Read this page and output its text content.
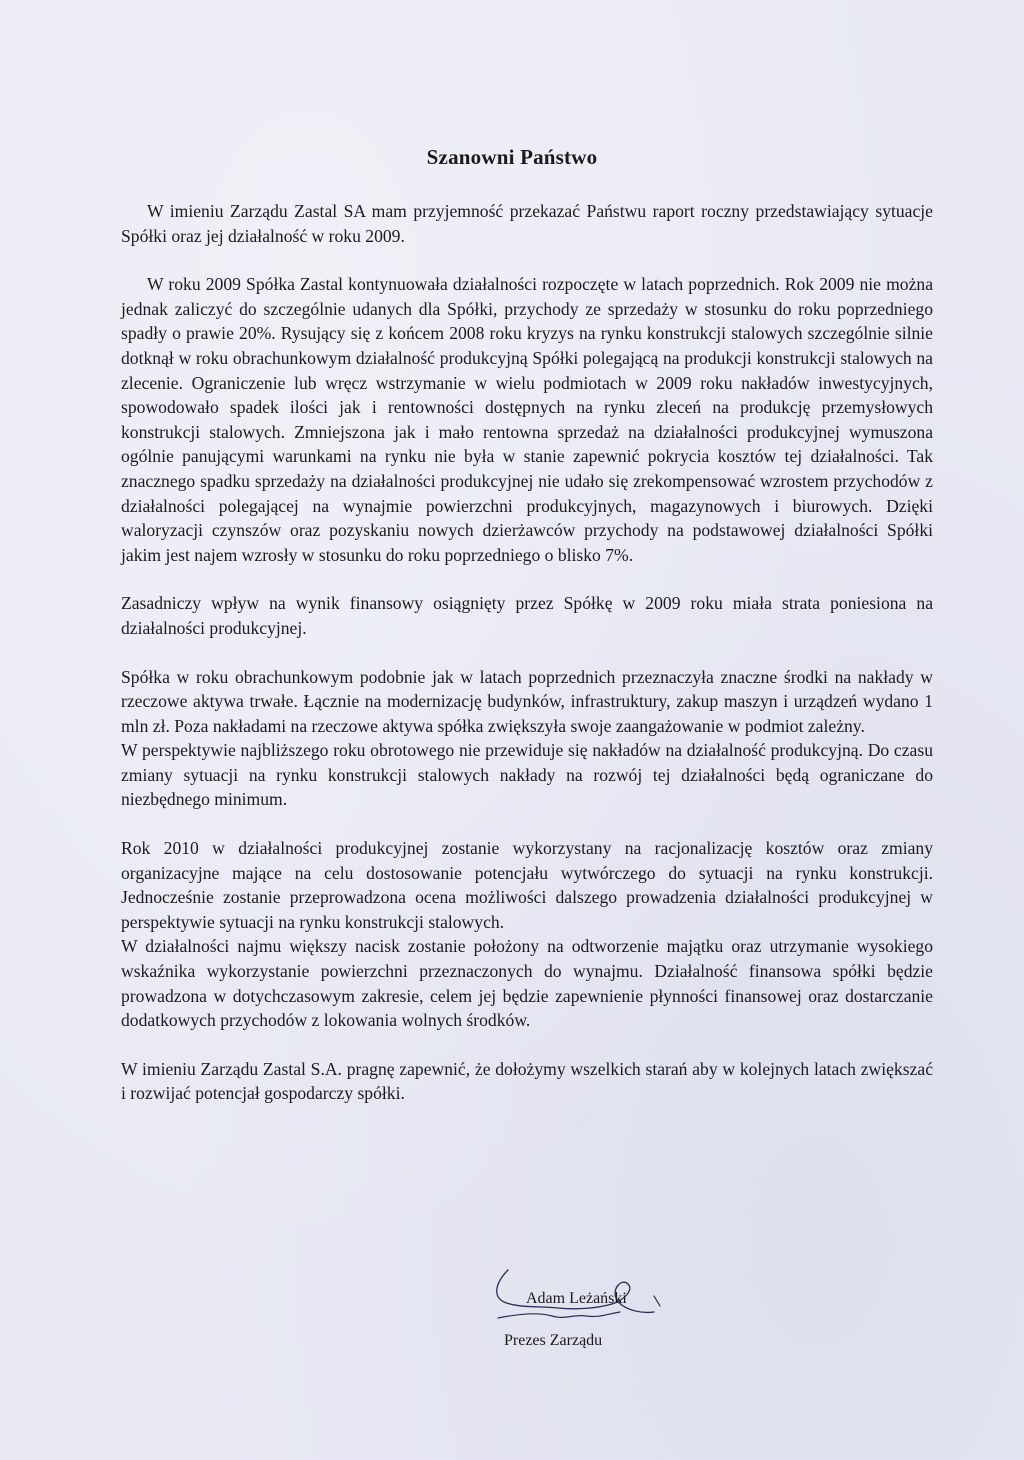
Szanowni Państwo

W imieniu Zarządu Zastal SA mam przyjemność przekazać Państwu raport roczny przedstawiający sytuacje Spółki oraz jej działalność w roku 2009.

W roku 2009 Spółka Zastal kontynuowała działalności rozpoczęte w latach poprzednich. Rok 2009 nie można jednak zaliczyć do szczególnie udanych dla Spółki, przychody ze sprzedaży w stosunku do roku poprzedniego spadły o prawie 20%. Rysujący się z końcem 2008 roku kryzys na rynku konstrukcji stalowych szczególnie silnie dotknął w roku obrachunkowym działalność produkcyjną Spółki polegającą na produkcji konstrukcji stalowych na zlecenie. Ograniczenie lub wręcz wstrzymanie w wielu podmiotach w 2009 roku nakładów inwestycyjnych, spowodowało spadek ilości jak i rentowności dostępnych na rynku zleceń na produkcję przemysłowych konstrukcji stalowych. Zmniejszona jak i mało rentowna sprzedaż na działalności produkcyjnej wymuszona ogólnie panującymi warunkami na rynku nie była w stanie zapewnić pokrycia kosztów tej działalności. Tak znacznego spadku sprzedaży na działalności produkcyjnej nie udało się zrekompensować wzrostem przychodów z działalności polegającej na wynajmie powierzchni produkcyjnych, magazynowych i biurowych. Dzięki waloryzacji czynszów oraz pozyskaniu nowych dzierżawców przychody na podstawowej działalności Spółki jakim jest najem wzrosły w stosunku do roku poprzedniego o blisko 7%.

Zasadniczy wpływ na wynik finansowy osiągnięty przez Spółkę w 2009 roku miała strata poniesiona na działalności produkcyjnej.

Spółka w roku obrachunkowym podobnie jak w latach poprzednich przeznaczyła znaczne środki na nakłady w rzeczowe aktywa trwałe. Łącznie na modernizację budynków, infrastruktury, zakup maszyn i urządzeń wydano 1 mln zł. Poza nakładami na rzeczowe aktywa spółka zwiększyła swoje zaangażowanie w podmiot zależny.

W perspektywie najbliższego roku obrotowego nie przewiduje się nakładów na działalność produkcyjną. Do czasu zmiany sytuacji na rynku konstrukcji stalowych nakłady na rozwój tej działalności będą ograniczane do niezbędnego minimum.

Rok 2010 w działalności produkcyjnej zostanie wykorzystany na racjonalizację kosztów oraz zmiany organizacyjne mające na celu dostosowanie potencjału wytwórczego do sytuacji na rynku konstrukcji. Jednocześnie zostanie przeprowadzona ocena możliwości dalszego prowadzenia działalności produkcyjnej w perspektywie sytuacji na rynku konstrukcji stalowych.

W działalności najmu większy nacisk zostanie położony na odtworzenie majątku oraz utrzymanie wysokiego wskaźnika wykorzystanie powierzchni przeznaczonych do wynajmu. Działalność finansowa spółki będzie prowadzona w dotychczasowym zakresie, celem jej będzie zapewnienie płynności finansowej oraz dostarczanie dodatkowych przychodów z lokowania wolnych środków.

W imieniu Zarządu Zastal S.A. pragnę zapewnić, że dołożymy wszelkich starań aby w kolejnych latach zwiększać i rozwijać potencjał gospodarczy spółki.

Adam Leżański
Prezes Zarządu
